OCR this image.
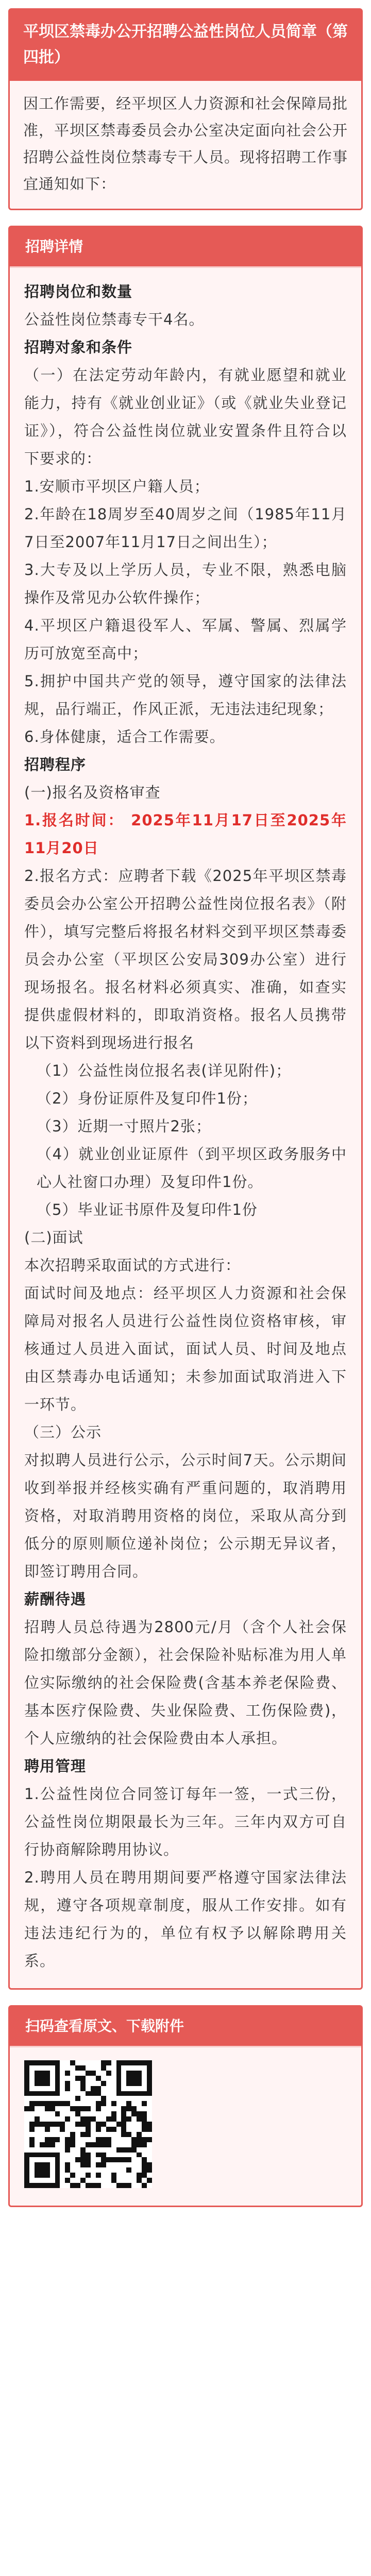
平坝区禁毒办公开招聘公益性岗位人员简章（第四批）
因工作需要，经平坝区人力资源和社会保障局批准，平坝区禁毒委员会办公室决定面向社会公开招聘公益性岗位禁毒专干人员。现将招聘工作事宜通知如下：
招聘详情

招聘岗位和数量

公益性岗位禁毒专干4名。

招聘对象和条件

（一）在法定劳动年龄内，有就业愿望和就业能力，持有《就业创业证》（或《就业失业登记证》），符合公益性岗位就业安置条件且符合以下要求的：

1.安顺市平坝区户籍人员；

2.年龄在18周岁至40周岁之间（1985年11月7日至2007年11月17日之间出生）；

3.大专及以上学历人员，专业不限，熟悉电脑操作及常见办公软件操作；

4.平坝区户籍退役军人、军属、警属、烈属学历可放宽至高中；

5.拥护中国共产党的领导，遵守国家的法律法规，品行端正，作风正派，无违法违纪现象；

6.身体健康，适合工作需要。

招聘程序

(一)报名及资格审查

1.报名时间： 2025年11月17日至2025年11月20日

2.报名方式：应聘者下载《2025年平坝区禁毒委员会办公室公开招聘公益性岗位报名表》（附件），填写完整后将报名材料交到平坝区禁毒委员会办公室（平坝区公安局309办公室）进行现场报名。报名材料必须真实、准确，如查实提供虚假材料的，即取消资格。报名人员携带以下资料到现场进行报名

（1）公益性岗位报名表(详见附件)；

（2）身份证原件及复印件1份；

（3）近期一寸照片2张；

（4）就业创业证原件（到平坝区政务服务中心人社窗口办理）及复印件1份。

（5）毕业证书原件及复印件1份

(二)面试

本次招聘采取面试的方式进行：

面试时间及地点：经平坝区人力资源和社会保障局对报名人员进行公益性岗位资格审核，审核通过人员进入面试，面试人员、时间及地点由区禁毒办电话通知；未参加面试取消进入下一环节。

（三）公示

对拟聘人员进行公示，公示时间7天。公示期间收到举报并经核实确有严重问题的，取消聘用资格，对取消聘用资格的岗位，采取从高分到低分的原则顺位递补岗位；公示期无异议者，即签订聘用合同。

薪酬待遇

招聘人员总待遇为2800元/月（含个人社会保险扣缴部分金额），社会保险补贴标准为用人单位实际缴纳的社会保险费(含基本养老保险费、基本医疗保险费、失业保险费、工伤保险费)，个人应缴纳的社会保险费由本人承担。

聘用管理

1.公益性岗位合同签订每年一签，一式三份，公益性岗位期限最长为三年。三年内双方可自行协商解除聘用协议。

2.聘用人员在聘用期间要严格遵守国家法律法规，遵守各项规章制度，服从工作安排。如有违法违纪行为的，单位有权予以解除聘用关系。

扫码查看原文、下载附件
